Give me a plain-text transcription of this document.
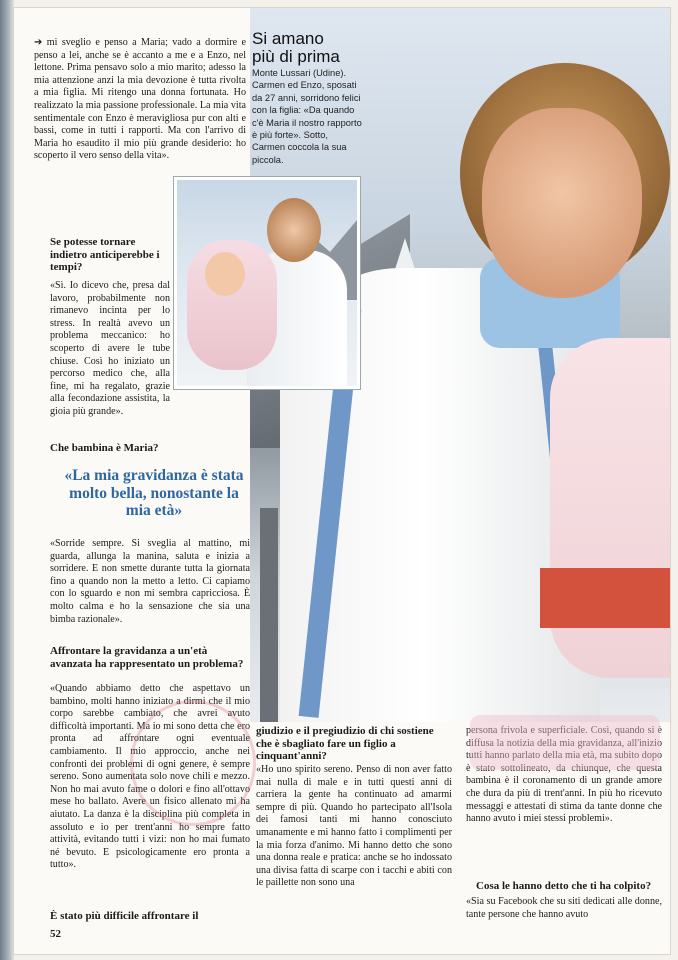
Si amano
più di prima
Monte Lussari (Udine). Carmen ed Enzo, sposati da 27 anni, sorridono felici con la figlia: «Da quando c'è Maria il nostro rapporto è più forte». Sotto, Carmen coccola la sua piccola.
➔ mi sveglio e penso a Maria; vado a dormire e penso a lei, anche se è accanto a me e a Enzo, nel lettone. Prima pensavo solo a mio marito; adesso la mia attenzione anzi la mia devozione è tutta rivolta a mia figlia. Mi ritengo una donna fortunata. Ho realizzato la mia passione professionale. La mia vita sentimentale con Enzo è meravigliosa pur con alti e bassi, come in tutti i rapporti. Ma con l'arrivo di Maria ho esaudito il mio più grande desiderio: ho scoperto il vero senso della vita».
Se potesse tornare indietro anticiperebbe i tempi?
«Sì. Io dicevo che, presa dal lavoro, probabilmente non rimanevo incinta per lo stress. In realtà avevo un problema meccanico: ho scoperto di avere le tube chiuse. Così ho iniziato un percorso medico che, alla fine, mi ha regalato, grazie alla fecondazione assistita, la gioia più grande».
Che bambina è Maria?
«La mia gravidanza è stata molto bella, nonostante la mia età»
«Sorride sempre. Si sveglia al mattino, mi guarda, allunga la manina, saluta e inizia a sorridere. E non smette durante tutta la giornata fino a quando non la metto a letto. Ci capiamo con lo sguardo e non mi sembra capricciosa. È molto calma e ho la sensazione che sia una bimba razionale».
Affrontare la gravidanza a un'età avanzata ha rappresentato un problema?
«Quando abbiamo detto che aspettavo un bambino, molti hanno iniziato a dirmi che il mio corpo sarebbe cambiato, che avrei avuto difficoltà importanti. Ma io mi sono detta che ero pronta ad affrontare ogni eventuale cambiamento. Il mio approccio, anche nei confronti dei problemi di ogni genere, è sempre sereno. Sono aumentata solo nove chili e mezzo. Non ho mai avuto fame o dolori e fino all'ottavo mese ho ballato. Avere un fisico allenato mi ha aiutato. La danza è la disciplina più completa in assoluto e io per trent'anni ho sempre fatto attività, evitando tutti i vizi: non ho mai fumato né bevuto. E psicologicamente ero pronta a tutto».
È stato più difficile affrontare il
52
giudizio e il pregiudizio di chi sostiene che è sbagliato fare un figlio a cinquant'anni?
«Ho uno spirito sereno. Penso di non aver fatto mai nulla di male e in tutti questi anni di carriera la gente ha continuato ad amarmi sempre di più. Quando ho partecipato all'Isola dei famosi tanti mi hanno conosciuto umanamente e mi hanno fatto i complimenti per la mia forza d'animo. Mi hanno detto che sono una donna reale e pratica: anche se ho indossato una divisa fatta di scarpe con i tacchi e abiti con le paillette non sono una
persona frivola e superficiale. Così, quando si è diffusa la notizia della mia gravidanza, all'inizio tutti hanno parlato della mia età, ma subito dopo è stato sottolineato, da chiunque, che questa bambina è il coronamento di un grande amore che dura da più di trent'anni. In più ho ricevuto messaggi e attestati di stima da tante donne che hanno avuto i miei stessi problemi».
Cosa le hanno detto che ti ha colpito?
«Sia su Facebook che su siti dedicati alle donne, tante persone che hanno avuto
